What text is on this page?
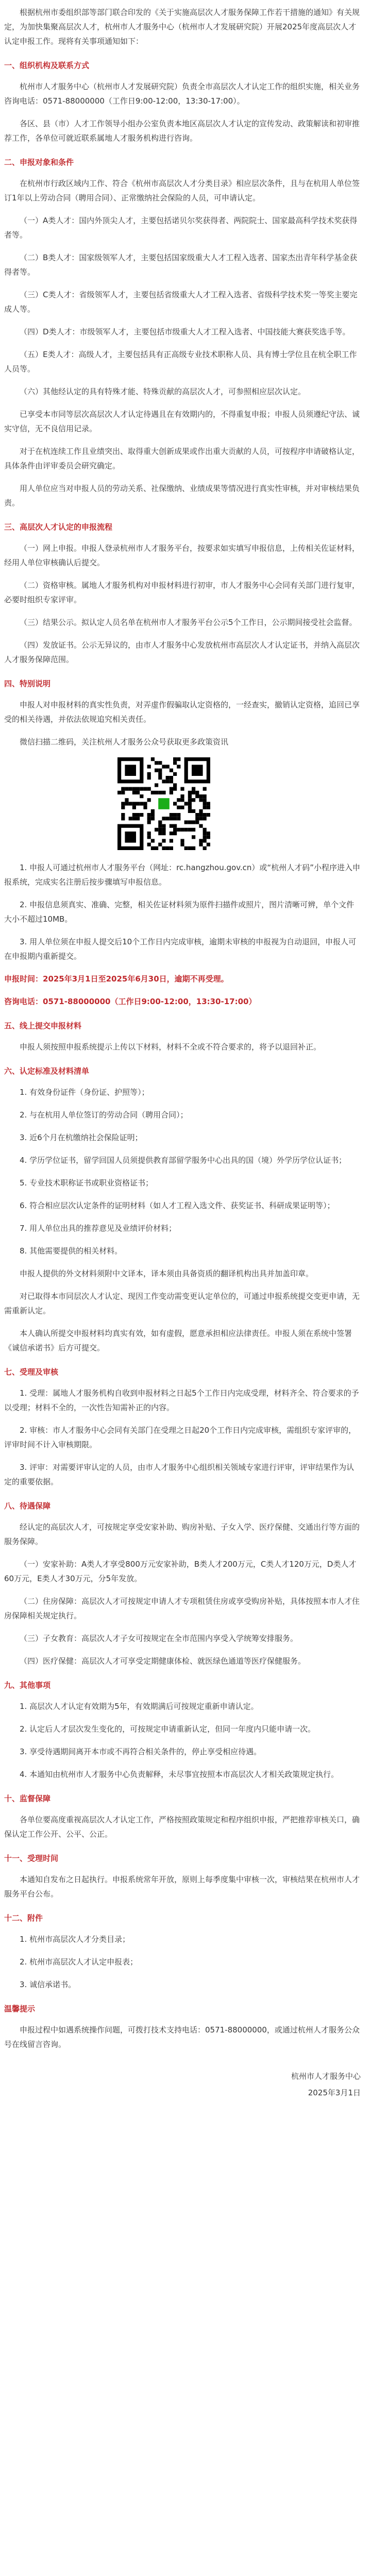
根据杭州市委组织部等部门联合印发的《关于实施高层次人才服务保障工作若干措施的通知》有关规定，为加快集聚高层次人才，杭州市人才服务中心（杭州市人才发展研究院）开展2025年度高层次人才认定申报工作。现将有关事项通知如下：

一、组织机构及联系方式

杭州市人才服务中心（杭州市人才发展研究院）负责全市高层次人才认定工作的组织实施，相关业务咨询电话：0571-88000000（工作日9:00-12:00，13:30-17:00）。

各区、县（市）人才工作领导小组办公室负责本地区高层次人才认定的宣传发动、政策解读和初审推荐工作，各单位可就近联系属地人才服务机构进行咨询。

二、申报对象和条件

在杭州市行政区域内工作、符合《杭州市高层次人才分类目录》相应层次条件，且与在杭用人单位签订1年以上劳动合同（聘用合同）、正常缴纳社会保险的人员，可申请认定。

（一）A类人才：国内外顶尖人才，主要包括诺贝尔奖获得者、两院院士、国家最高科学技术奖获得者等。

（二）B类人才：国家级领军人才，主要包括国家级重大人才工程入选者、国家杰出青年科学基金获得者等。

（三）C类人才：省级领军人才，主要包括省级重大人才工程入选者、省级科学技术奖一等奖主要完成人等。

（四）D类人才：市级领军人才，主要包括市级重大人才工程入选者、中国技能大赛获奖选手等。

（五）E类人才：高级人才，主要包括具有正高级专业技术职称人员、具有博士学位且在杭全职工作人员等。

（六）其他经认定的具有特殊才能、特殊贡献的高层次人才，可参照相应层次认定。

已享受本市同等层次高层次人才认定待遇且在有效期内的，不得重复申报；申报人员须遵纪守法、诚实守信，无不良信用记录。

对于在杭连续工作且业绩突出、取得重大创新成果或作出重大贡献的人员，可按程序申请破格认定，具体条件由评审委员会研究确定。

用人单位应当对申报人员的劳动关系、社保缴纳、业绩成果等情况进行真实性审核，并对审核结果负责。

三、高层次人才认定的申报流程

（一）网上申报。申报人登录杭州市人才服务平台，按要求如实填写申报信息，上传相关佐证材料，经用人单位审核确认后提交。

（二）资格审核。属地人才服务机构对申报材料进行初审，市人才服务中心会同有关部门进行复审，必要时组织专家评审。

（三）结果公示。拟认定人员名单在杭州市人才服务平台公示5个工作日，公示期间接受社会监督。

（四）发放证书。公示无异议的，由市人才服务中心发放杭州市高层次人才认定证书，并纳入高层次人才服务保障范围。

四、特别说明

申报人对申报材料的真实性负责，对弄虚作假骗取认定资格的，一经查实，撤销认定资格，追回已享受的相关待遇，并依法依规追究相关责任。

微信扫描二维码，关注杭州人才服务公众号获取更多政策资讯

1. 申报人可通过杭州市人才服务平台（网址：rc.hangzhou.gov.cn）或“杭州人才码”小程序进入申报系统，完成实名注册后按步骤填写申报信息。

2. 申报信息须真实、准确、完整，相关佐证材料须为原件扫描件或照片，图片清晰可辨，单个文件大小不超过10MB。

3. 用人单位须在申报人提交后10个工作日内完成审核，逾期未审核的申报视为自动退回，申报人可在申报期内重新提交。

申报时间：2025年3月1日至2025年6月30日，逾期不再受理。

咨询电话：0571-88000000（工作日9:00-12:00，13:30-17:00）

五、线上提交申报材料

申报人须按照申报系统提示上传以下材料，材料不全或不符合要求的，将予以退回补正。

六、认定标准及材料清单

1. 有效身份证件（身份证、护照等）；

2. 与在杭用人单位签订的劳动合同（聘用合同）；

3. 近6个月在杭缴纳社会保险证明；

4. 学历学位证书，留学回国人员须提供教育部留学服务中心出具的国（境）外学历学位认证书；

5. 专业技术职称证书或职业资格证书；

6. 符合相应层次认定条件的证明材料（如人才工程入选文件、获奖证书、科研成果证明等）；

7. 用人单位出具的推荐意见及业绩评价材料；

8. 其他需要提供的相关材料。

申报人提供的外文材料须附中文译本，译本须由具备资质的翻译机构出具并加盖印章。

对已取得本市同层次人才认定、现因工作变动需变更认定单位的，可通过申报系统提交变更申请，无需重新认定。

本人确认所提交申报材料均真实有效，如有虚假，愿意承担相应法律责任。申报人须在系统中签署《诚信承诺书》后方可提交。

七、受理及审核

1. 受理：属地人才服务机构自收到申报材料之日起5个工作日内完成受理，材料齐全、符合要求的予以受理；材料不全的，一次性告知需补正的内容。

2. 审核：市人才服务中心会同有关部门在受理之日起20个工作日内完成审核，需组织专家评审的，评审时间不计入审核期限。

3. 评审：对需要评审认定的人员，由市人才服务中心组织相关领域专家进行评审，评审结果作为认定的重要依据。

八、待遇保障

经认定的高层次人才，可按规定享受安家补助、购房补贴、子女入学、医疗保健、交通出行等方面的服务保障。

（一）安家补助：A类人才享受800万元安家补助，B类人才200万元，C类人才120万元，D类人才60万元，E类人才30万元，分5年发放。

（二）住房保障：高层次人才可按规定申请人才专项租赁住房或享受购房补贴，具体按照本市人才住房保障相关规定执行。

（三）子女教育：高层次人才子女可按规定在全市范围内享受入学统筹安排服务。

（四）医疗保健：高层次人才可享受定期健康体检、就医绿色通道等医疗保健服务。

九、其他事项

1. 高层次人才认定有效期为5年，有效期满后可按规定重新申请认定。

2. 认定后人才层次发生变化的，可按规定申请重新认定，但同一年度内只能申请一次。

3. 享受待遇期间离开本市或不再符合相关条件的，停止享受相应待遇。

4. 本通知由杭州市人才服务中心负责解释，未尽事宜按照本市高层次人才相关政策规定执行。

十、监督保障

各单位要高度重视高层次人才认定工作，严格按照政策规定和程序组织申报，严把推荐审核关口，确保认定工作公开、公平、公正。

十一、受理时间

本通知自发布之日起执行。申报系统常年开放，原则上每季度集中审核一次，审核结果在杭州市人才服务平台公布。

十二、附件

1. 杭州市高层次人才分类目录；

2. 杭州市高层次人才认定申报表；

3. 诚信承诺书。

温馨提示

申报过程中如遇系统操作问题，可拨打技术支持电话：0571-88000000，或通过杭州人才服务公众号在线留言咨询。

杭州市人才服务中心
2025年3月1日
